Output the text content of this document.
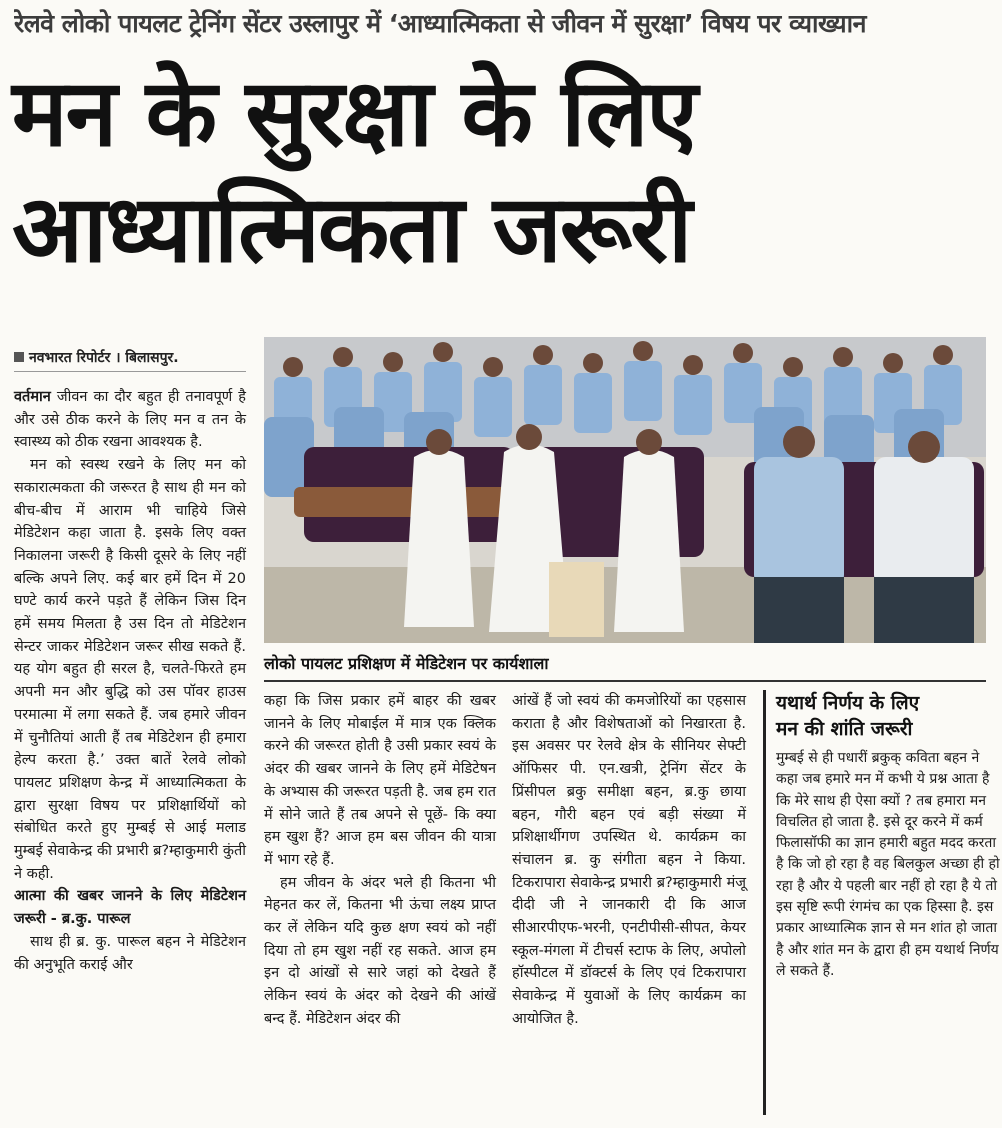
रेलवे लोको पायलट ट्रेनिंग सेंटर उस्लापुर में ‘आध्यात्मिकता से जीवन में सुरक्षा’ विषय पर व्याख्यान
मन के सुरक्षा के लिए
आध्यात्मिकता जरूरी
नवभारत रिपोर्टर । बिलासपुर.

वर्तमान जीवन का दौर बहुत ही तनावपूर्ण है और उसे ठीक करने के लिए मन व तन के स्वास्थ्य को ठीक रखना आवश्यक है.

मन को स्वस्थ रखने के लिए मन को सकारात्मकता की जरूरत है साथ ही मन को बीच-बीच में आराम भी चाहिये जिसे मेडिटेशन कहा जाता है. इसके लिए वक्त निकालना जरूरी है किसी दूसरे के लिए नहीं बल्कि अपने लिए. कई बार हमें दिन में 20 घण्टे कार्य करने पड़ते हैं लेकिन जिस दिन हमें समय मिलता है उस दिन तो मेडिटेशन सेन्टर जाकर मेडिटेशन जरूर सीख सकते हैं. यह योग बहुत ही सरल है, चलते-फिरते हम अपनी मन और बुद्धि को उस पॉवर हाउस परमात्मा में लगा सकते हैं. जब हमारे जीवन में चुनौतियां आती हैं तब मेडिटेशन ही हमारा हेल्प करता है.’ उक्त बातें रेलवे लोको पायलट प्रशिक्षण केन्द्र में आध्यात्मिकता के द्वारा सुरक्षा विषय पर प्रशिक्षार्थियों को संबोधित करते हुए मुम्बई से आई मलाड मुम्बई सेवाकेन्द्र की प्रभारी ब्र?म्हाकुमारी कुंती ने कही.

आत्मा की खबर जानने के लिए मेडिटेशन जरूरी - ब्र.कु. पारूल

साथ ही ब्र. कु. पारूल बहन ने मेडिटेशन की अनुभूति कराई और

लोको पायलट प्रशिक्षण में मेडिटेशन पर कार्यशाला

कहा कि जिस प्रकार हमें बाहर की खबर जानने के लिए मोबाईल में मात्र एक क्लिक करने की जरूरत होती है उसी प्रकार स्वयं के अंदर की खबर जानने के लिए हमें मेडिटेषन के अभ्यास की जरूरत पड़ती है. जब हम रात में सोने जाते हैं तब अपने से पूछें- कि क्या हम खुश हैं? आज हम बस जीवन की यात्रा में भाग रहे हैं.

हम जीवन के अंदर भले ही कितना भी मेहनत कर लें, कितना भी ऊंचा लक्ष्य प्राप्त कर लें लेकिन यदि कुछ क्षण स्वयं को नहीं दिया तो हम खुश नहीं रह सकते. आज हम इन दो आंखों से सारे जहां को देखते हैं लेकिन स्वयं के अंदर को देखने की आंखें बन्द हैं. मेडिटेशन अंदर की

आंखें हैं जो स्वयं की कमजोरियों का एहसास कराता है और विशेषताओं को निखारता है. इस अवसर पर रेलवे क्षेत्र के सीनियर सेफ्टी ऑफिसर पी. एन.खत्री, ट्रेनिंग सेंटर के प्रिंसीपल ब्रकु समीक्षा बहन, ब्र.कु छाया बहन, गौरी बहन एवं बड़ी संख्या में प्रशिक्षार्थीगण उपस्थित थे. कार्यक्रम का संचालन ब्र. कु संगीता बहन ने किया. टिकरापारा सेवाकेन्द्र प्रभारी ब्र?म्हाकुमारी मंजू दीदी जी ने जानकारी दी कि आज सीआरपीएफ-भरनी, एनटीपीसी-सीपत, केयर स्कूल-मंगला में टीचर्स स्टाफ के लिए, अपोलो हॉस्पीटल में डॉक्टर्स के लिए एवं टिकरापारा सेवाकेन्द्र में युवाओं के लिए कार्यक्रम का आयोजित है.

यथार्थ निर्णय के लिए
मन की शांति जरूरी
मुम्बई से ही पधारीं ब्रकुक् कविता बहन ने कहा जब हमारे मन में कभी ये प्रश्न आता है कि मेरे साथ ही ऐसा क्यों ? तब हमारा मन विचलित हो जाता है. इसे दूर करने में कर्म फिलासॉफी का ज्ञान हमारी बहुत मदद करता है कि जो हो रहा है वह बिलकुल अच्छा ही हो रहा है और ये पहली बार नहीं हो रहा है ये तो इस सृष्टि रूपी रंगमंच का एक हिस्सा है. इस प्रकार आध्यात्मिक ज्ञान से मन शांत हो जाता है और शांत मन के द्वारा ही हम यथार्थ निर्णय ले सकते हैं.
